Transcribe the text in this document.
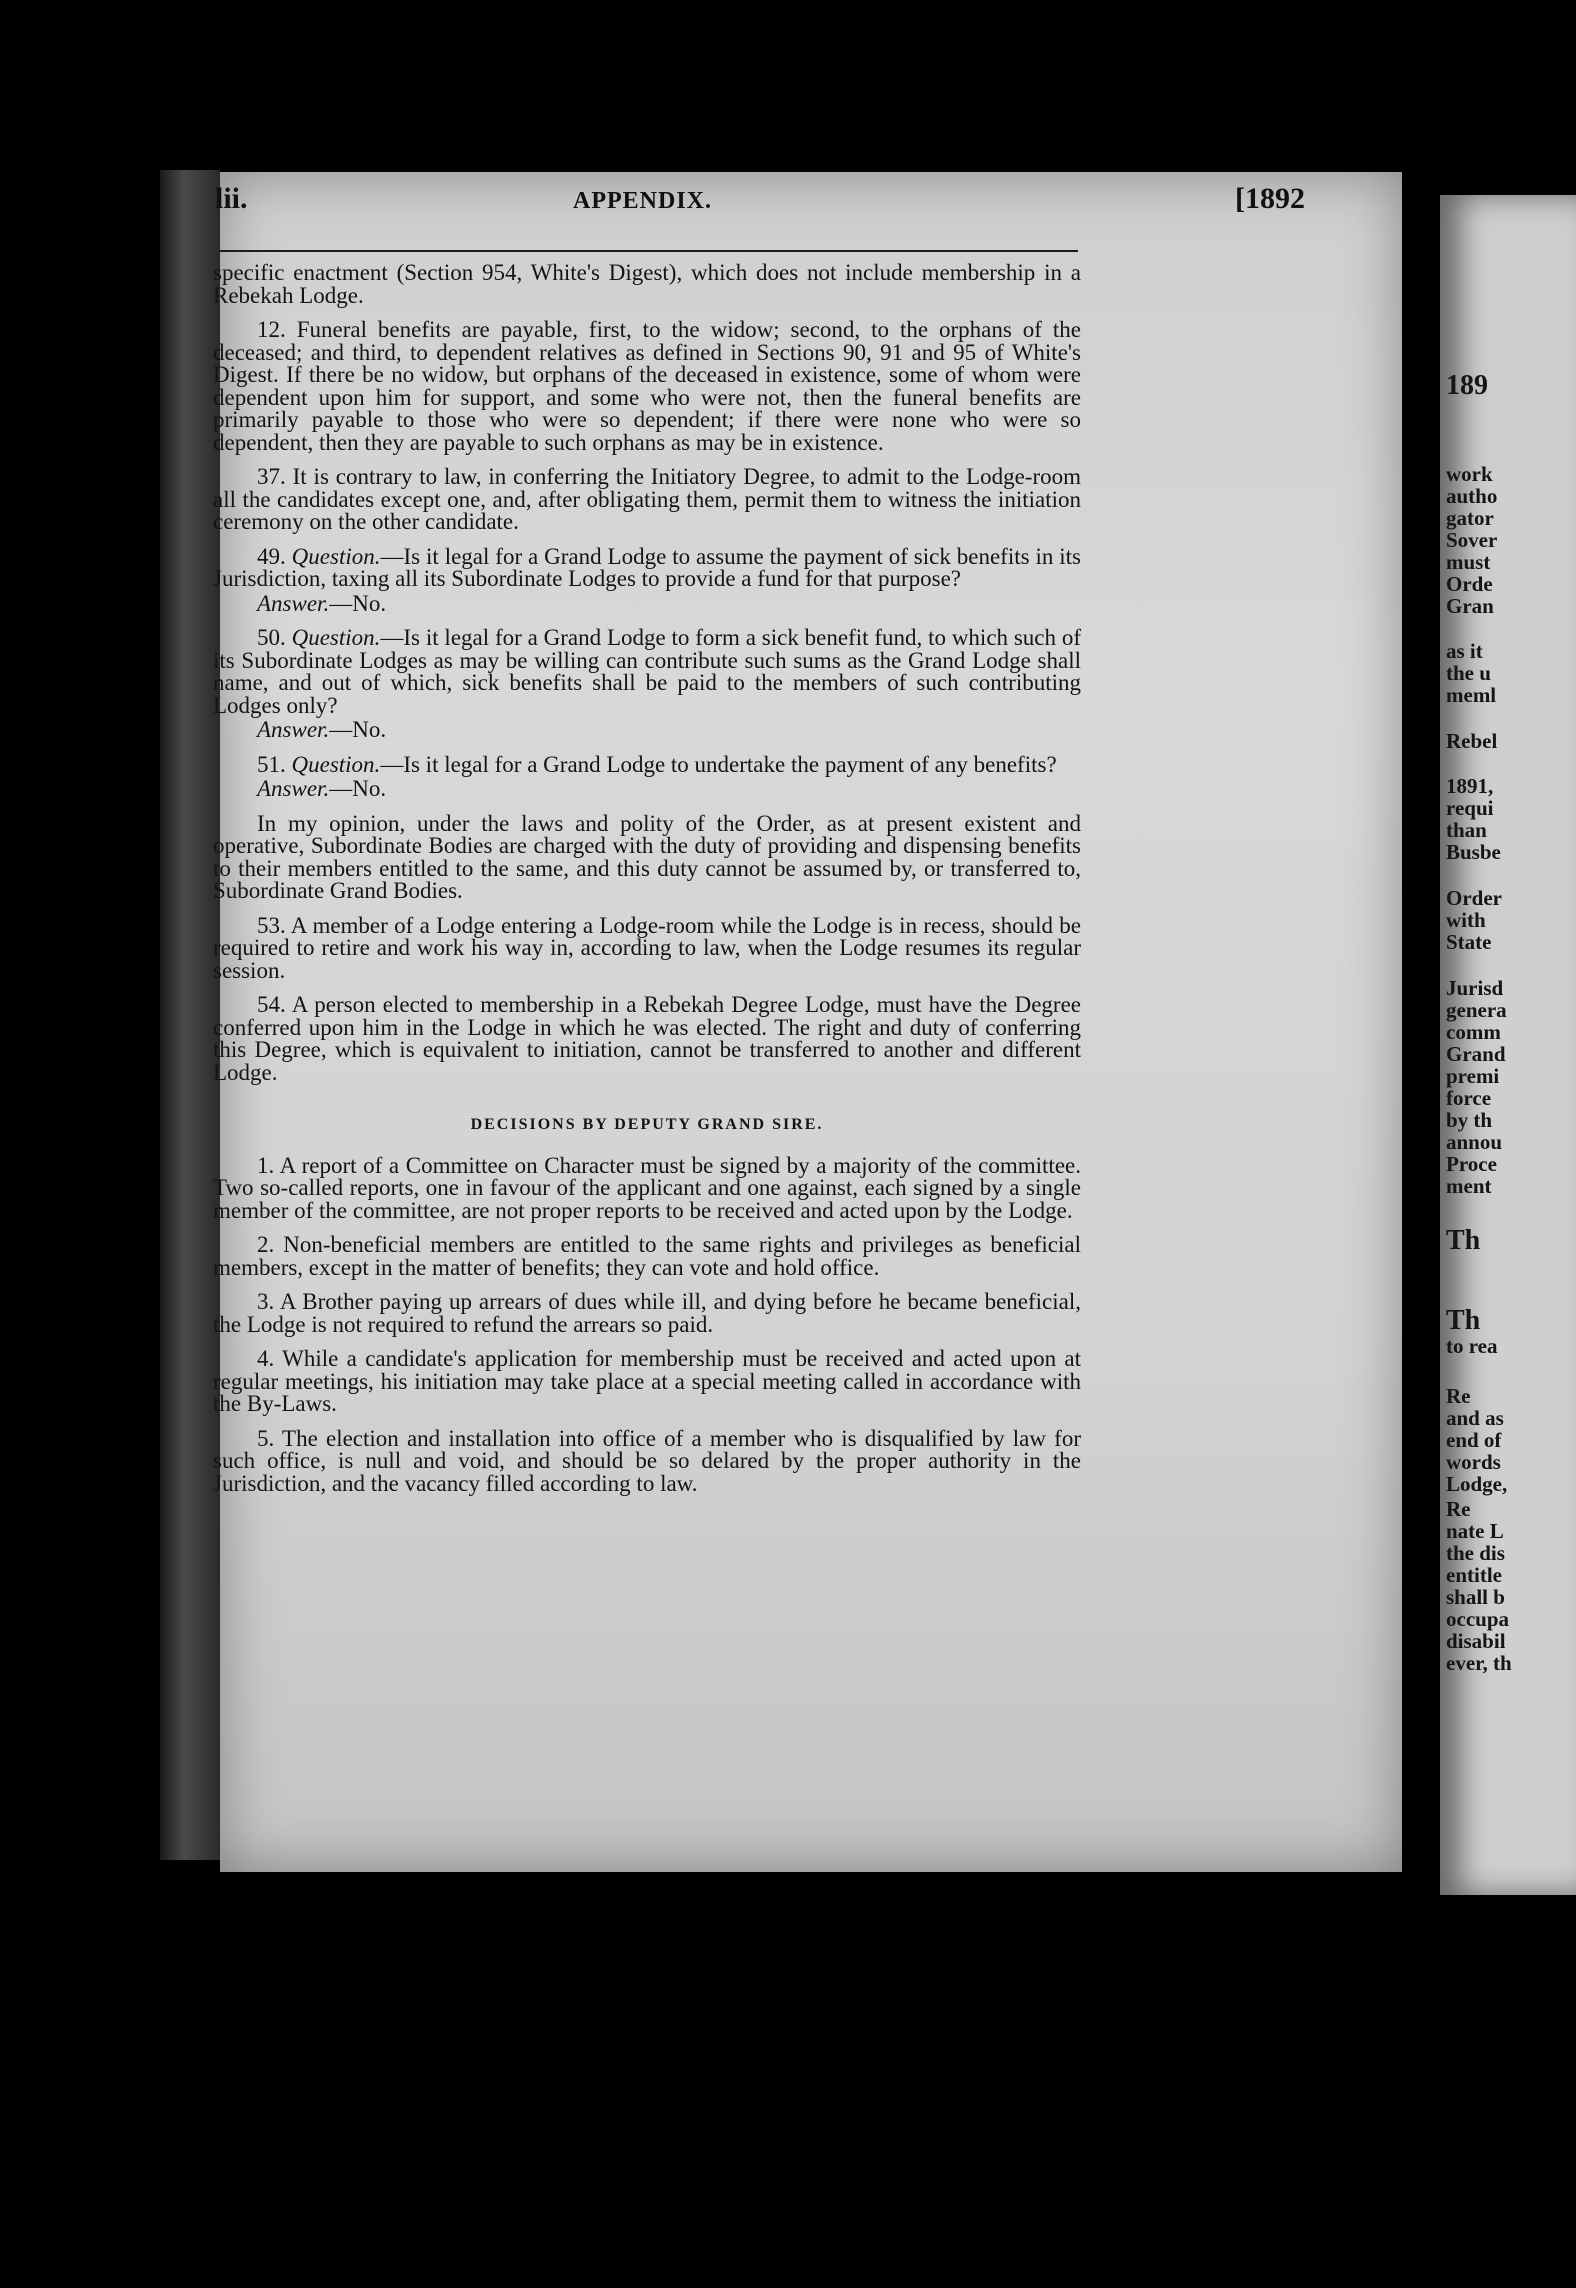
lii.	APPENDIX.	[1892

specific enactment (Section 954, White's Digest), which does not include membership in a Rebekah Lodge.

12. Funeral benefits are payable, first, to the widow; second, to the orphans of the deceased; and third, to dependent relatives as defined in Sections 90, 91 and 95 of White's Digest. If there be no widow, but orphans of the deceased in existence, some of whom were dependent upon him for support, and some who were not, then the funeral benefits are primarily payable to those who were so dependent; if there were none who were so dependent, then they are payable to such orphans as may be in existence.

37. It is contrary to law, in conferring the Initiatory Degree, to admit to the Lodge-room all the candidates except one, and, after obligating them, permit them to witness the initiation ceremony on the other candidate.

49. Question.—Is it legal for a Grand Lodge to assume the payment of sick benefits in its Jurisdiction, taxing all its Subordinate Lodges to provide a fund for that purpose?

Answer.—No.

50. Question.—Is it legal for a Grand Lodge to form a sick benefit fund, to which such of its Subordinate Lodges as may be willing can contribute such sums as the Grand Lodge shall name, and out of which, sick benefits shall be paid to the members of such contributing Lodges only?

Answer.—No.

51. Question.—Is it legal for a Grand Lodge to undertake the payment of any benefits?

Answer.—No.

In my opinion, under the laws and polity of the Order, as at present existent and operative, Subordinate Bodies are charged with the duty of providing and dispensing benefits to their members entitled to the same, and this duty cannot be assumed by, or transferred to, Subordinate Grand Bodies.

53. A member of a Lodge entering a Lodge-room while the Lodge is in recess, should be required to retire and work his way in, according to law, when the Lodge resumes its regular session.

54. A person elected to membership in a Rebekah Degree Lodge, must have the Degree conferred upon him in the Lodge in which he was elected. The right and duty of conferring this Degree, which is equivalent to initiation, cannot be transferred to another and different Lodge.

DECISIONS BY DEPUTY GRAND SIRE.

1. A report of a Committee on Character must be signed by a majority of the committee. Two so-called reports, one in favour of the applicant and one against, each signed by a single member of the committee, are not proper reports to be received and acted upon by the Lodge.

2. Non-beneficial members are entitled to the same rights and privileges as beneficial members, except in the matter of benefits; they can vote and hold office.

3. A Brother paying up arrears of dues while ill, and dying before he became beneficial, the Lodge is not required to refund the arrears so paid.

4. While a candidate's application for membership must be received and acted upon at regular meetings, his initiation may take place at a special meeting called in accordance with the By-Laws.

5. The election and installation into office of a member who is disqualified by law for such office, is null and void, and should be so delared by the proper authority in the Jurisdiction, and the vacancy filled according to law.

189
work
autho
gator
Sover
must
Orde
Gran
as it
the u
meml
Rebel
1891,
requi
than
Busbe
Order
with
State
Jurisd
genera
comm
Grand
premi
force
by th
annou
Proce
ment
Th
Th
to rea
Re
and as
end of
words
Lodge,
Re
nate L
the dis
entitle
shall b
occupa
disabil
ever, th
